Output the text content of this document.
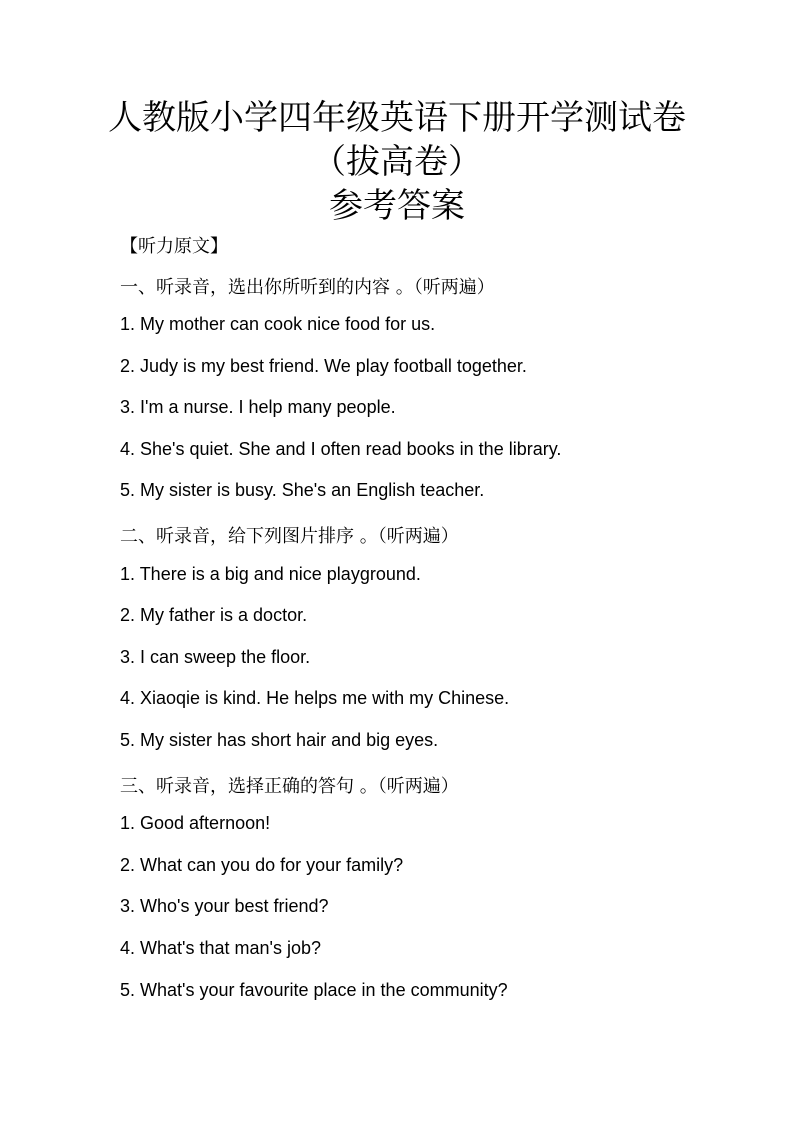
人教版小学四年级英语下册开学测试卷
（拔高卷）
参考答案
【听力原文】
一、听录音，选出你所听到的内容 。（听两遍）
1. My mother can cook nice food for us.
2. Judy is my best friend. We play football together.
3. I'm a nurse. I help many people.
4. She's quiet. She and I often read books in the library.
5. My sister is busy. She's an English teacher.
二、听录音，给下列图片排序 。（听两遍）
1. There is a big and nice playground.
2. My father is a doctor.
3. I can sweep the floor.
4. Xiaoqie is kind. He helps me with my Chinese.
5. My sister has short hair and big eyes.
三、听录音，选择正确的答句 。（听两遍）
1. Good afternoon!
2. What can you do for your family?
3. Who's your best friend?
4. What's that man's job?
5. What's your favourite place in the community?
